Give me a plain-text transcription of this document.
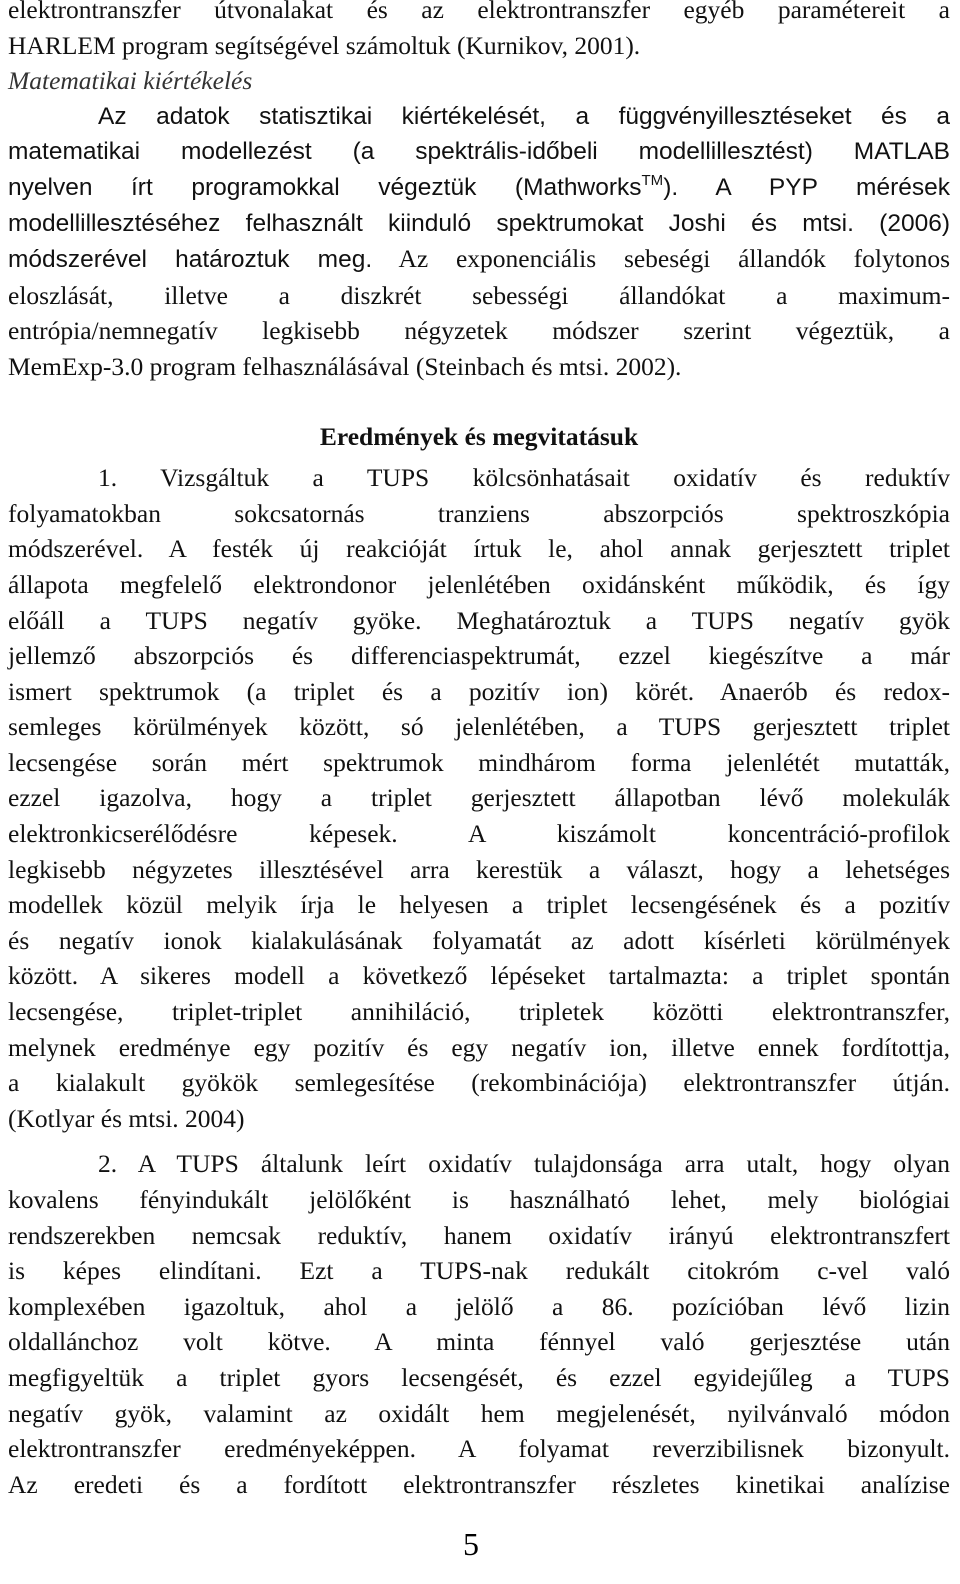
elektrontranszfer útvonalakat és az elektrontranszfer egyéb paramétereit a
HARLEM program segítségével számoltuk (Kurnikov, 2001).
Matematikai kiértékelés
Az adatok statisztikai kiértékelését, a függvényillesztéseket és a
matematikai modellezést (a spektrális-időbeli modellillesztést) MATLAB
nyelven írt programokkal végeztük (Mathworks™). A PYP mérések
modellillesztéséhez felhasznált kiinduló spektrumokat Joshi és mtsi. (2006)
módszerével határoztuk meg. Az exponenciális sebeségi állandók folytonos
eloszlását, illetve a diszkrét sebességi állandókat a maximum-
entrópia/nemnegatív legkisebb négyzetek módszer szerint végeztük, a
MemExp-3.0 program felhasználásával (Steinbach és mtsi. 2002).
Eredmények és megvitatásuk
1. Vizsgáltuk a TUPS kölcsönhatásait oxidatív és reduktív
folyamatokban sokcsatornás tranziens abszorpciós spektroszkópia
módszerével. A festék új reakcióját írtuk le, ahol annak gerjesztett triplet
állapota megfelelő elektrondonor jelenlétében oxidánsként működik, és így
előáll a TUPS negatív gyöke. Meghatároztuk a TUPS negatív gyök
jellemző abszorpciós és differenciaspektrumát, ezzel kiegészítve a már
ismert spektrumok (a triplet és a pozitív ion) körét. Anaerób és redox-
semleges körülmények között, só jelenlétében, a TUPS gerjesztett triplet
lecsengése során mért spektrumok mindhárom forma jelenlétét mutatták,
ezzel igazolva, hogy a triplet gerjesztett állapotban lévő molekulák
elektronkicserélődésre képesek. A kiszámolt koncentráció-profilok
legkisebb négyzetes illesztésével arra kerestük a választ, hogy a lehetséges
modellek közül melyik írja le helyesen a triplet lecsengésének és a pozitív
és negatív ionok kialakulásának folyamatát az adott kísérleti körülmények
között. A sikeres modell a következő lépéseket tartalmazta: a triplet spontán
lecsengése, triplet-triplet annihiláció, tripletek közötti elektrontranszfer,
melynek eredménye egy pozitív és egy negatív ion, illetve ennek fordítottja,
a kialakult gyökök semlegesítése (rekombinációja) elektrontranszfer útján.
(Kotlyar és mtsi. 2004)
2. A TUPS általunk leírt oxidatív tulajdonsága arra utalt, hogy olyan
kovalens fényindukált jelölőként is használható lehet, mely biológiai
rendszerekben nemcsak reduktív, hanem oxidatív irányú elektrontranszfert
is képes elindítani. Ezt a TUPS-nak redukált citokróm c-vel való
komplexében igazoltuk, ahol a jelölő a 86. pozícióban lévő lizin
oldallánchoz volt kötve. A minta fénnyel való gerjesztése után
megfigyeltük a triplet gyors lecsengését, és ezzel egyidejűleg a TUPS
negatív gyök, valamint az oxidált hem megjelenését, nyilvánvaló módon
elektrontranszfer eredményeképpen. A folyamat reverzibilisnek bizonyult.
Az eredeti és a fordított elektrontranszfer részletes kinetikai analízise
5
